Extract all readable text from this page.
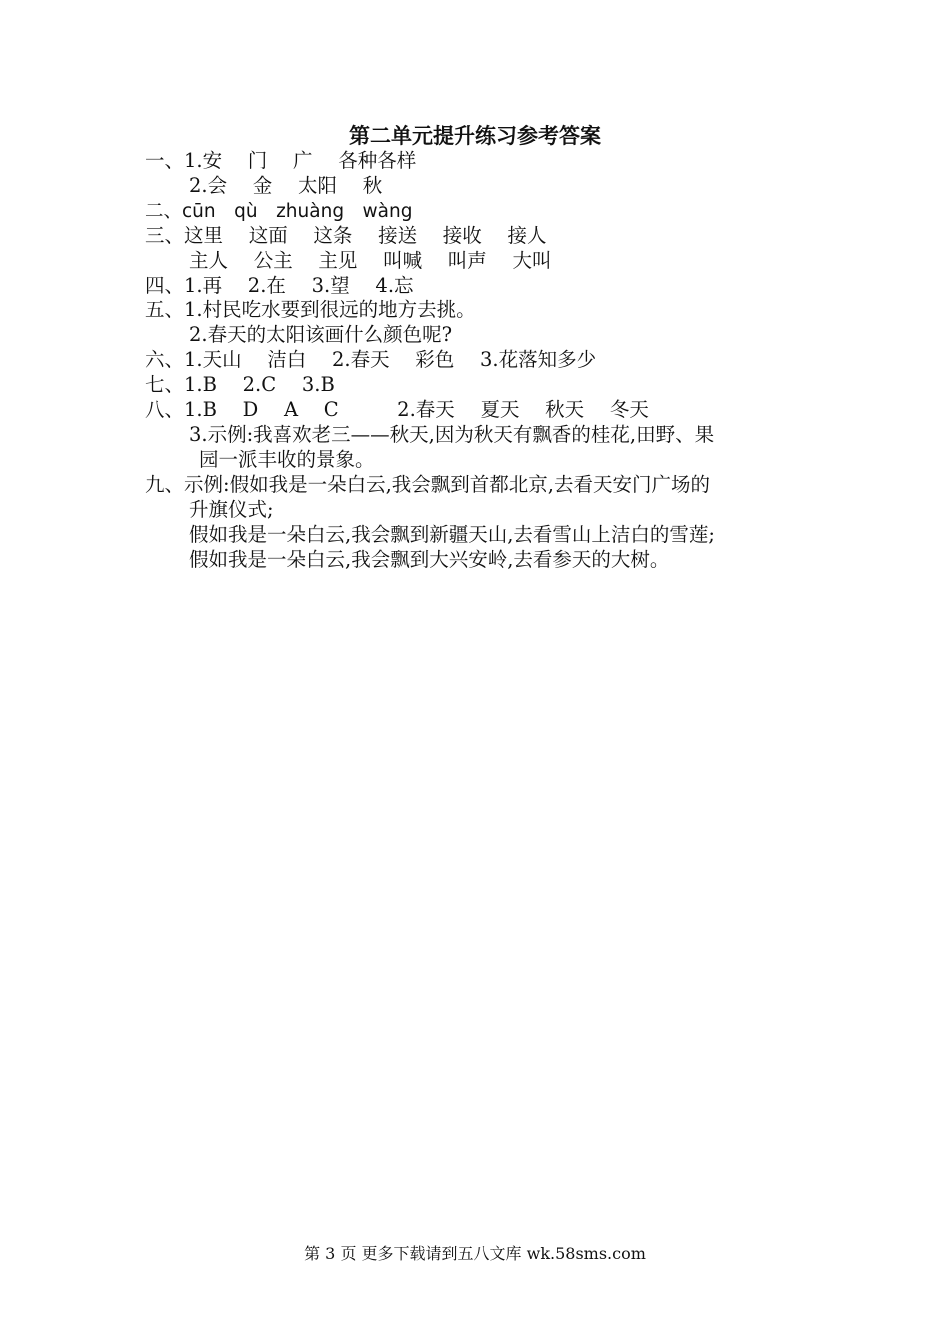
第二单元提升练习参考答案
一、1.安　 门　 广　 各种各样
2.会　 金　 太阳　 秋
二、cūn　qù　zhuàng　wàng
三、这里　 这面　 这条　 接送　 接收　 接人
主人　 公主　 主见　 叫喊　 叫声　 大叫
四、1.再　 2.在　 3.望　 4.忘
五、1.村民吃水要到很远的地方去挑。
2.春天的太阳该画什么颜色呢?
六、1.天山　 洁白　 2.春天　 彩色　 3.花落知多少
七、1.B　 2.C　 3.B
八、1.B　 D　 A　 C　　　2.春天　 夏天　 秋天　 冬天
3.示例:我喜欢老三——秋天,因为秋天有飘香的桂花,田野、果
园一派丰收的景象。
九、示例:假如我是一朵白云,我会飘到首都北京,去看天安门广场的
升旗仪式;
假如我是一朵白云,我会飘到新疆天山,去看雪山上洁白的雪莲;
假如我是一朵白云,我会飘到大兴安岭,去看参天的大树。
第 3 页 更多下载请到五八文库 wk.58sms.com
